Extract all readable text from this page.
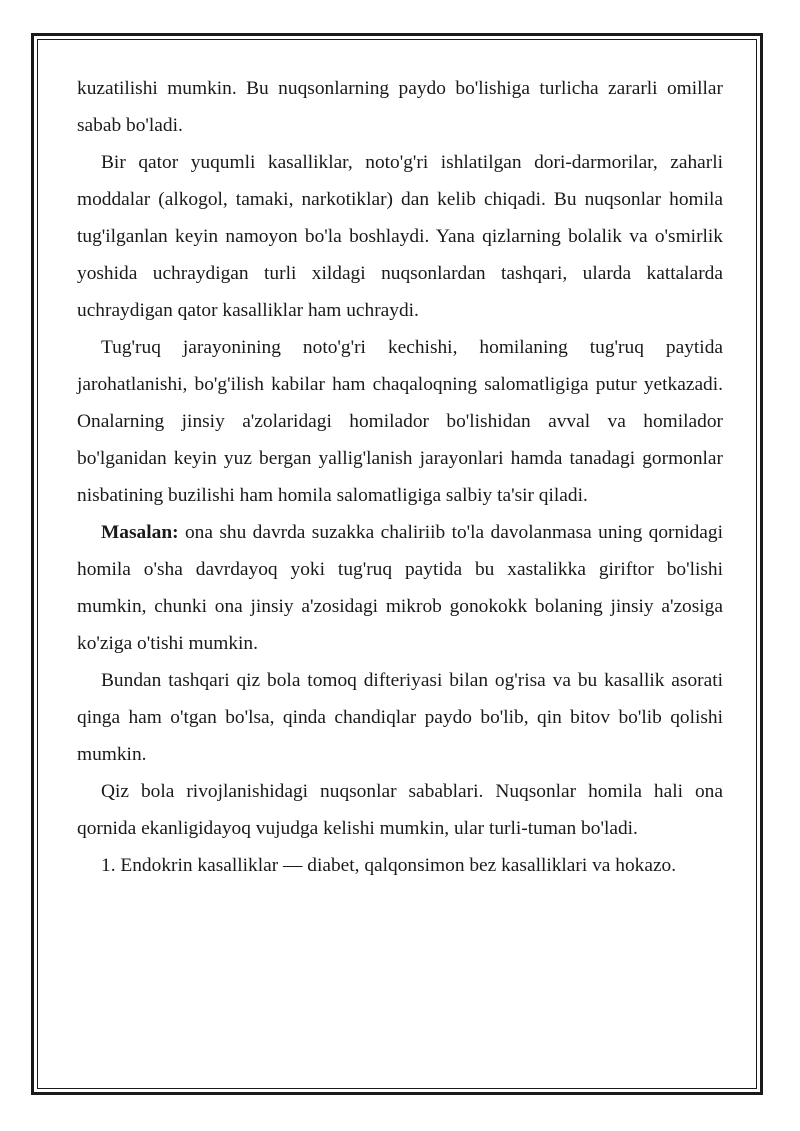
kuzatilishi mumkin. Bu nuqsonlarning paydo bo'lishiga turlicha zararli omillar sabab bo'ladi.

Bir qator yuqumli kasalliklar, noto'g'ri ishlatilgan dori-darmorilar, zaharli moddalar (alkogol, tamaki, narkotiklar) dan kelib chiqadi. Bu nuqsonlar homila tug'ilganlan keyin namoyon bo'la boshlaydi. Yana qizlarning bolalik va o'smirlik yoshida uchraydigan turli xildagi nuqsonlardan tashqari, ularda kattalarda uchraydigan qator kasalliklar ham uchraydi.

Tug'ruq jarayonining noto'g'ri kechishi, homilaning tug'ruq paytida jarohatlanishi, bo'g'ilish kabilar ham chaqaloqning salomatligiga putur yetkazadi. Onalarning jinsiy a'zolaridagi homilador bo'lishidan avval va homilador bo'lganidan keyin yuz bergan yallig'lanish jarayonlari hamda tanadagi gormonlar nisbatining buzilishi ham homila salomatligiga salbiy ta'sir qiladi.

Masalan: ona shu davrda suzakka chaliriib to'la davolanmasa uning qornidagi homila o'sha davrdayoq yoki tug'ruq paytida bu xastalikka giriftor bo'lishi mumkin, chunki ona jinsiy a'zosidagi mikrob gonokokk bolaning jinsiy a'zosiga ko'ziga o'tishi mumkin.

Bundan tashqari qiz bola tomoq difteriyasi bilan og'risa va bu kasallik asorati qinga ham o'tgan bo'lsa, qinda chandiqlar paydo bo'lib, qin bitov bo'lib qolishi mumkin.

Qiz bola rivojlanishidagi nuqsonlar sabablari. Nuqsonlar homila hali ona qornida ekanligidayoq vujudga kelishi mumkin, ular turli-tuman bo'ladi.

1. Endokrin kasalliklar — diabet, qalqonsimon bez kasalliklari va hokazo.
